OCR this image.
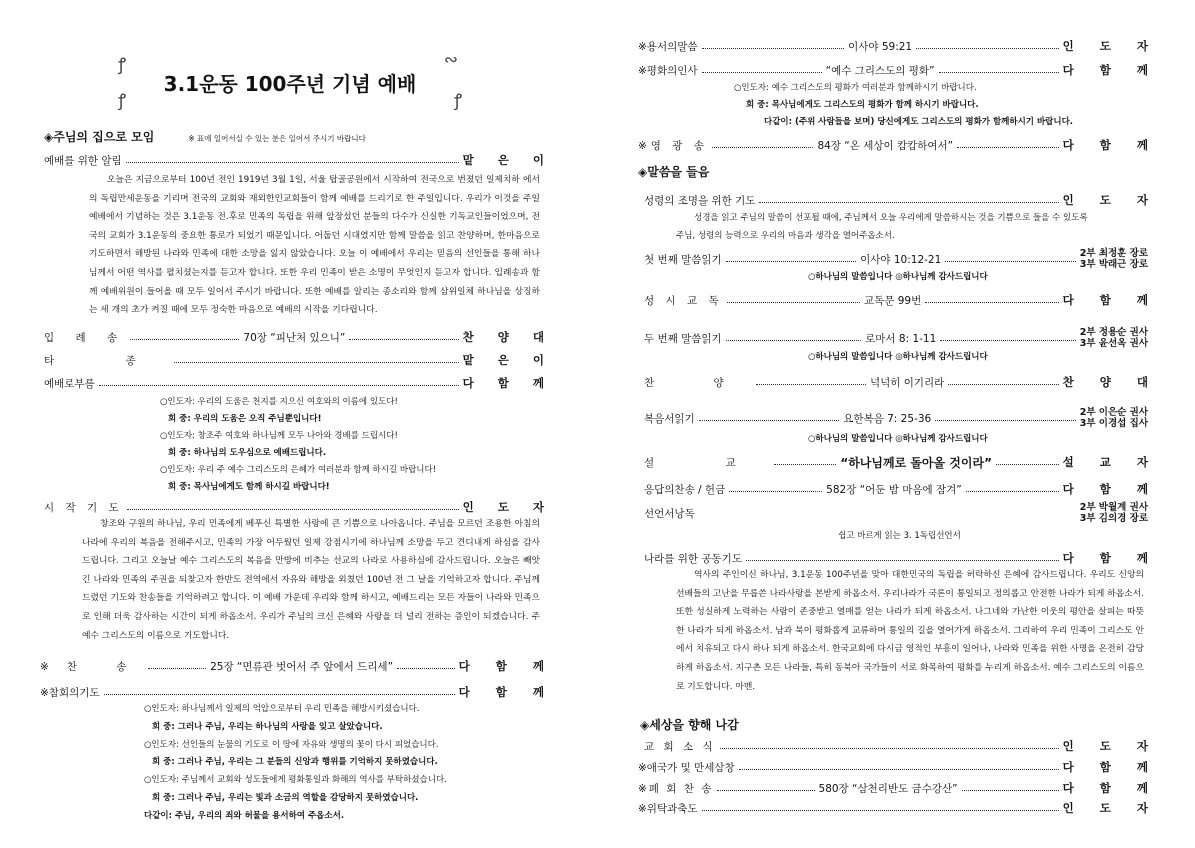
ꝭ	∾
ꝭ	ꝭ
3.1운동 100주년 기념 예배
◈주님의 집으로 모임	※ 표에 일어서실 수 있는 분은 일어서 주시기 바랍니다
예배를 위한 알림	맡 은 이
오늘은 지금으로부터 100년 전인 1919년 3월 1일, 서울 탑골공원에서 시작하여 전국으로 번졌던 일제치하 에서의 독립만세운동을 기리며 전국의 교회와 재외한인교회들이 함께 예배를 드리기로 한 주일입니다. 우리가 이것을 주일예배에서 기념하는 것은 3.1운동 전.후로 민족의 독립을 위해 앞장섰던 분들의 다수가 신실한 기독교인들이었으며, 전국의 교회가 3.1운동의 중요한 통로가 되었기 때문입니다. 어둡던 시대였지만 함께 말씀을 읽고 찬양하며, 한마음으로 기도하면서 해방된 나라와 민족에 대한 소망을 잃지 않았습니다. 오늘 이 예배에서 우리는 믿음의 선인들을 통해 하나님께서 어떤 역사를 펼치셨는지를 듣고자 합니다. 또한 우리 민족이 받은 소명이 무엇인지 듣고자 합니다. 입례송과 함께 예배위원이 들어올 때 모두 일어서 주시기 바랍니다. 또한 예배를 알리는 종소리와 함께 삼위일체 하나님을 상징하는 세 개의 초가 켜질 때에 모두 정숙한 마음으로 예배의 시작을 기다립니다.
입 례 송	70장 “피난처 있으니”	찬 양 대
타 종	맡 은 이
예배로부름	다 함 께
○인도자: 우리의 도움은 천지를 지으신 여호와의 이름에 있도다!
회 중: 우리의 도움은 오직 주님뿐입니다!
○인도자: 창조주 여호와 하나님께 모두 나아와 경배를 드립시다!
회 중: 하나님의 도우심으로 예배드립니다.
○인도자: 우리 주 예수 그리스도의 은혜가 여러분과 함께 하시길 바랍니다!
회 중: 목사님에게도 함께 하시길 바랍니다!
시 작 기 도	인 도 자
창조와 구원의 하나님, 우리 민족에게 베푸신 특별한 사랑에 큰 기쁨으로 나아옵니다. 주님을 모르던 조용한 아침의 나라에 우리의 복음을 전해주시고, 민족의 가장 어두웠던 일제 강점시기에 하나님께 소망을 두고 견디내게 하심을 감사드립니다. 그리고 오늘날 예수 그리스도의 복음을 만방에 비추는 선교의 나라로 사용하심에 감사드립니다. 오늘은 빼앗긴 나라와 민족의 주권을 되찾고자 한반도 전역에서 자유와 해방을 외쳤던 100년 전 그 날을 기억하고자 합니다. 주님께 드렸던 기도와 찬송들을 기억하려고 합니다. 이 예배 가운데 우리와 함께 하시고, 예배드리는 모든 자들이 나라와 민족으로 인해 더욱 감사하는 시간이 되게 하옵소서. 우리가 주님의 크신 은혜와 사랑을 더 널리 전하는 증인이 되겠습니다. 주 예수 그리스도의 이름으로 기도합니다.
※찬 송	25장 “면류관 벗어서 주 앞에서 드리세”	다 함 께
※참회의기도	다 함 께
○인도자: 하나님께서 일제의 억압으로부터 우리 민족을 해방시키셨습니다.
회 중: 그러나 주님, 우리는 하나님의 사랑을 잊고 살았습니다.
○인도자: 선인들의 눈물의 기도로 이 땅에 자유와 생명의 꽃이 다시 피었습니다.
회 중: 그러나 주님, 우리는 그 분들의 신앙과 행위를 기억하지 못하였습니다.
○인도자: 주님께서 교회와 성도들에게 평화통일과 화해의 역사를 부탁하셨습니다.
회 중: 그러나 주님, 우리는 빛과 소금의 역할을 감당하지 못하였습니다.
다같이: 주님, 우리의 죄와 허물을 용서하여 주옵소서.
※용서의말씀	이사야 59:21	인 도 자
※평화의인사	“예수 그리스도의 평화”	다 함 께
○인도자: 예수 그리스도의 평화가 여러분과 함께하시기 바랍니다.
회 중: 목사님에게도 그리스도의 평화가 함께 하시기 바랍니다.
다같이: (주위 사람들을 보며) 당신에게도 그리스도의 평화가 함께하시기 바랍니다.
※영 광 송	84장 “온 세상이 캄캄하여서”	다 함 께
◈말씀을 들음
성령의 조명을 위한 기도	인 도 자
성경을 읽고 주님의 말씀이 선포될 때에, 주님께서 오늘 우리에게 말씀하시는 것을 기쁨으로 들을 수 있도록
주님, 성령의 능력으로 우리의 마음과 생각을 열어주옵소서.
첫 번째 말씀읽기	이사야 10:12-21	2부 최정훈 장로
3부 박래근 장로
○하나님의 말씀입니다 ◎하나님께 감사드립니다
성 시 교 독	교독문 99번	다 함 께
두 번째 말씀읽기	로마서 8: 1-11	2부 정용순 권사
3부 윤선옥 권사
○하나님의 말씀입니다 ◎하나님께 감사드립니다
찬 양	넉넉히 이기리라	찬 양 대
복음서읽기	요한복음 7: 25-36	2부 이은순 권사
3부 이경섭 집사
○하나님의 말씀입니다 ◎하나님께 감사드립니다
설 교	“하나님께로 돌아올 것이라”	설 교 자
응답의찬송 / 헌금	582장 “어둔 밤 마음에 잠겨”	다 함 께
선언서낭독	2부 박월계 권사
3부 김의경 장로
쉽고 바르게 읽는 3. 1독립선언서
나라를 위한 공동기도	다 함 께
역사의 주인이신 하나님, 3.1운동 100주년을 맞아 대한민국의 독립을 허락하신 은혜에 감사드립니다. 우리도 신앙의 선배들의 고난을 무릅쓴 나라사랑을 본받게 하옵소서. 우리나라가 국론이 통일되고 정의롭고 안전한 나라가 되게 하옵소서. 또한 성실하게 노력하는 사람이 존중받고 열매를 얻는 나라가 되게 하옵소서. 나그네와 가난한 이웃의 평안을 살피는 따뜻한 나라가 되게 하옵소서. 남과 북이 평화롭게 교류하며 통일의 길을 열어가게 하옵소서. 그리하여 우리 민족이 그리스도 안에서 치유되고 다시 하나 되게 하옵소서. 한국교회에 다시금 영적인 부흥이 일어나, 나라와 민족을 위한 사명을 온전히 감당하게 하옵소서. 지구촌 모든 나라들, 특히 동북아 국가들이 서로 화목하여 평화를 누리게 하옵소서. 예수 그리스도의 이름으로 기도합니다. 아멘.
◈세상을 향해 나감
교 회 소 식	인 도 자
※애국가 및 만세삼창	다 함 께
※폐 회 찬 송	580장 “삼천리반도 금수강산”	다 함 께
※위탁과축도	인 도 자
